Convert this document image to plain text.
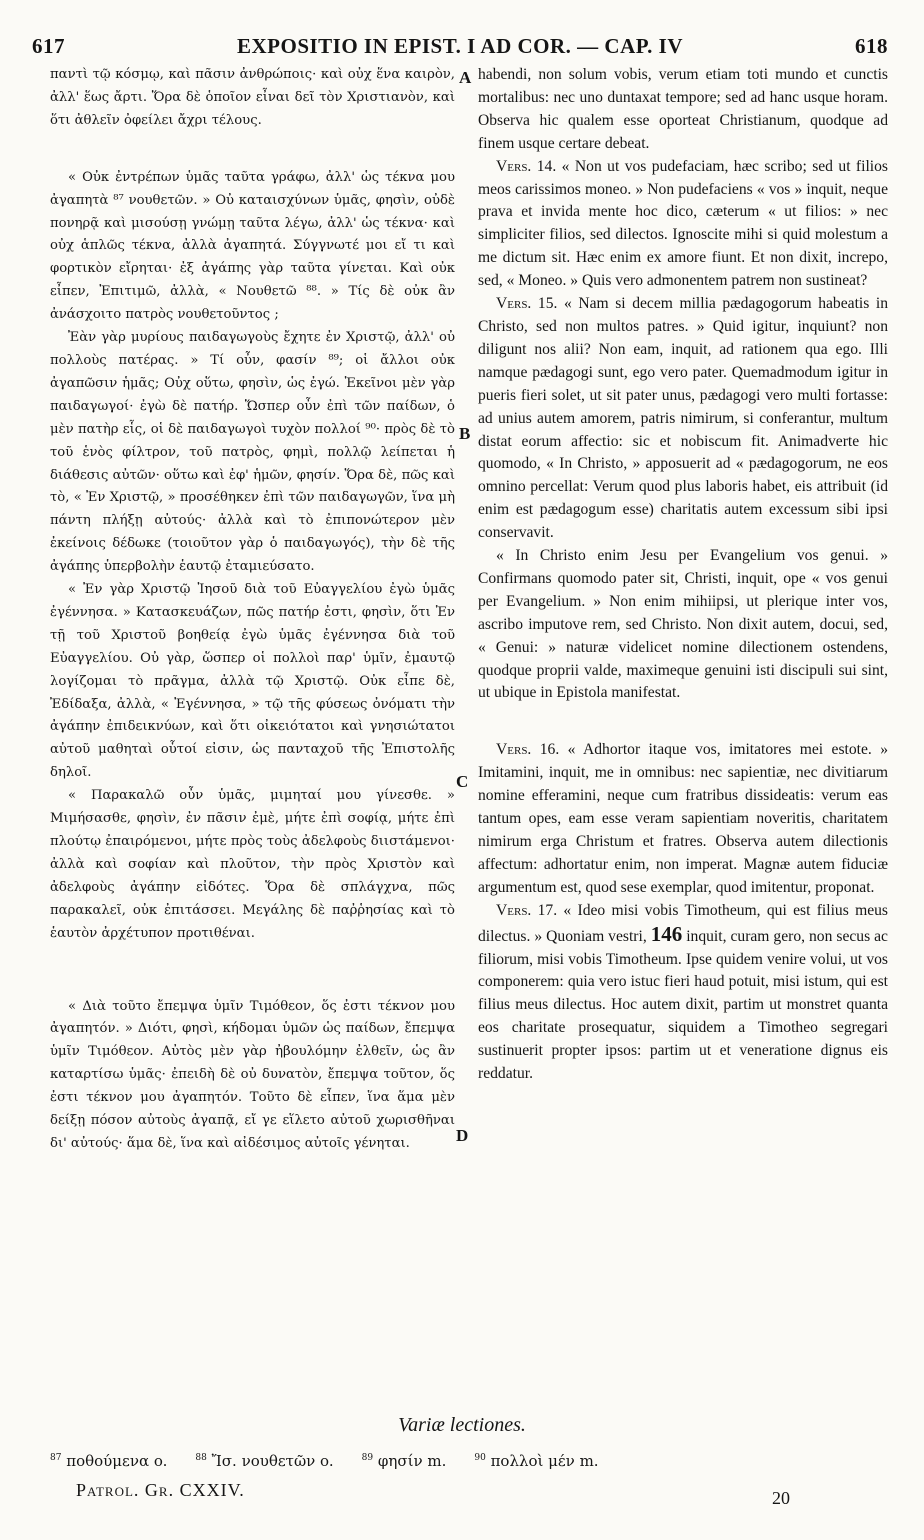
617	EXPOSITIO IN EPIST. I AD COR. — CAP. IV	618
A
B
C
D

παντὶ τῷ κόσμῳ, καὶ πᾶσιν ἀνθρώποις· καὶ οὐχ ἕνα καιρὸν, ἀλλ' ἕως ἄρτι. Ὅρα δὲ ὁποῖον εἶναι δεῖ τὸν Χριστιανὸν, καὶ ὅτι ἀθλεῖν ὀφείλει ἄχρι τέλους.

« Οὐκ ἐντρέπων ὑμᾶς ταῦτα γράφω, ἀλλ' ὡς τέκνα μου ἀγαπητὰ ⁸⁷ νουθετῶν. » Οὐ καταισχύνων ὑμᾶς, φησὶν, οὐδὲ πονηρᾷ καὶ μισούσῃ γνώμῃ ταῦτα λέγω, ἀλλ' ὡς τέκνα· καὶ οὐχ ἁπλῶς τέκνα, ἀλλὰ ἀγαπητά. Σύγγνωτέ μοι εἴ τι καὶ φορτικὸν εἴρηται· ἐξ ἀγάπης γὰρ ταῦτα γίνεται. Καὶ οὐκ εἶπεν, Ἐπιτιμῶ, ἀλλὰ, « Νουθετῶ ⁸⁸. » Τίς δὲ οὐκ ἂν ἀνάσχοιτο πατρὸς νουθετοῦντος ;

Ἐὰν γὰρ μυρίους παιδαγωγοὺς ἔχητε ἐν Χριστῷ, ἀλλ' οὐ πολλοὺς πατέρας. » Τί οὖν, φασίν ⁸⁹; οἱ ἄλλοι οὐκ ἀγαπῶσιν ἡμᾶς; Οὐχ οὕτω, φησὶν, ὡς ἐγώ. Ἐκεῖνοι μὲν γὰρ παιδαγωγοί· ἐγὼ δὲ πατήρ. Ὥσπερ οὖν ἐπὶ τῶν παίδων, ὁ μὲν πατὴρ εἷς, οἱ δὲ παιδαγωγοὶ τυχὸν πολλοί ⁹⁰· πρὸς δὲ τὸ τοῦ ἑνὸς φίλτρον, τοῦ πατρὸς, φημὶ, πολλῷ λείπεται ἡ διάθεσις αὐτῶν· οὕτω καὶ ἐφ' ἡμῶν, φησίν. Ὅρα δὲ, πῶς καὶ τὸ, « Ἐν Χριστῷ, » προσέθηκεν ἐπὶ τῶν παιδαγωγῶν, ἵνα μὴ πάντη πλήξῃ αὐτούς· ἀλλὰ καὶ τὸ ἐπιπονώτερον μὲν ἐκείνοις δέδωκε (τοιοῦτον γὰρ ὁ παιδαγωγός), τὴν δὲ τῆς ἀγάπης ὑπερβολὴν ἑαυτῷ ἐταμιεύσατο.

« Ἐν γὰρ Χριστῷ Ἰησοῦ διὰ τοῦ Εὐαγγελίου ἐγὼ ὑμᾶς ἐγέννησα. » Κατασκευάζων, πῶς πατήρ ἐστι, φησὶν, ὅτι Ἐν τῇ τοῦ Χριστοῦ βοηθείᾳ ἐγὼ ὑμᾶς ἐγέννησα διὰ τοῦ Εὐαγγελίου. Οὐ γὰρ, ὥσπερ οἱ πολλοὶ παρ' ὑμῖν, ἐμαυτῷ λογίζομαι τὸ πρᾶγμα, ἀλλὰ τῷ Χριστῷ. Οὐκ εἶπε δὲ, Ἐδίδαξα, ἀλλὰ, « Ἐγέννησα, » τῷ τῆς φύσεως ὀνόματι τὴν ἀγάπην ἐπιδεικνύων, καὶ ὅτι οἰκειότατοι καὶ γνησιώτατοι αὐτοῦ μαθηταὶ οὗτοί εἰσιν, ὡς πανταχοῦ τῆς Ἐπιστολῆς δηλοῖ.

« Παρακαλῶ οὖν ὑμᾶς, μιμηταί μου γίνεσθε. » Μιμήσασθε, φησὶν, ἐν πᾶσιν ἐμὲ, μήτε ἐπὶ σοφίᾳ, μήτε ἐπὶ πλούτῳ ἐπαιρόμενοι, μήτε πρὸς τοὺς ἀδελφοὺς διιστάμενοι· ἀλλὰ καὶ σοφίαν καὶ πλοῦτον, τὴν πρὸς Χριστὸν καὶ ἀδελφοὺς ἀγάπην εἰδότες. Ὅρα δὲ σπλάγχνα, πῶς παρακαλεῖ, οὐκ ἐπιτάσσει. Μεγάλης δὲ παῤῥησίας καὶ τὸ ἑαυτὸν ἀρχέτυπον προτιθέναι.

« Διὰ τοῦτο ἔπεμψα ὑμῖν Τιμόθεον, ὅς ἐστι τέκνον μου ἀγαπητόν. » Διότι, φησὶ, κήδομαι ὑμῶν ὡς παίδων, ἔπεμψα ὑμῖν Τιμόθεον. Αὐτὸς μὲν γὰρ ἠβουλόμην ἐλθεῖν, ὡς ἂν καταρτίσω ὑμᾶς· ἐπειδὴ δὲ οὐ δυνατὸν, ἔπεμψα τοῦτον, ὅς ἐστι τέκνον μου ἀγαπητόν. Τοῦτο δὲ εἶπεν, ἵνα ἅμα μὲν δείξῃ πόσον αὐτοὺς ἀγαπᾷ, εἴ γε εἵλετο αὐτοῦ χωρισθῆναι δι' αὐτούς· ἅμα δὲ, ἵνα καὶ αἰδέσιμος αὐτοῖς γένηται.

habendi, non solum vobis, verum etiam toti mundo et cunctis mortalibus: nec uno duntaxat tempore; sed ad hanc usque horam. Observa hic qualem esse oporteat Christianum, quodque ad finem usque certare debeat.

Vers. 14. « Non ut vos pudefaciam, hæc scribo; sed ut filios meos carissimos moneo. » Non pudefaciens « vos » inquit, neque prava et invida mente hoc dico, cæterum « ut filios: » nec simpliciter filios, sed dilectos. Ignoscite mihi si quid molestum a me dictum sit. Hæc enim ex amore fiunt. Et non dixit, increpo, sed, « Moneo. » Quis vero admonentem patrem non sustineat?

Vers. 15. « Nam si decem millia pædagogorum habeatis in Christo, sed non multos patres. » Quid igitur, inquiunt? non diligunt nos alii? Non eam, inquit, ad rationem qua ego. Illi namque pædagogi sunt, ego vero pater. Quemadmodum igitur in pueris fieri solet, ut sit pater unus, pædagogi vero multi fortasse: ad unius autem amorem, patris nimirum, si conferantur, multum distat eorum affectio: sic et nobiscum fit. Animadverte hic quomodo, « In Christo, » apposuerit ad « pædagogorum, ne eos omnino percellat: Verum quod plus laboris habet, eis attribuit (id enim est pædagogum esse) charitatis autem excessum sibi ipsi conservavit.

« In Christo enim Jesu per Evangelium vos genui. » Confirmans quomodo pater sit, Christi, inquit, ope « vos genui per Evangelium. » Non enim mihiipsi, ut plerique inter vos, ascribo imputove rem, sed Christo. Non dixit autem, docui, sed, « Genui: » naturæ videlicet nomine dilectionem ostendens, quodque proprii valde, maximeque genuini isti discipuli sui sint, ut ubique in Epistola manifestat.

Vers. 16. « Adhortor itaque vos, imitatores mei estote. » Imitamini, inquit, me in omnibus: nec sapientiæ, nec divitiarum nomine efferamini, neque cum fratribus dissideatis: verum eas tantum opes, eam esse veram sapientiam noveritis, charitatem nimirum erga Christum et fratres. Observa autem dilectionis affectum: adhortatur enim, non imperat. Magnæ autem fiduciæ argumentum est, quod sese exemplar, quod imitentur, proponat.

Vers. 17. « Ideo misi vobis Timotheum, qui est filius meus dilectus. » Quoniam vestri, 146 inquit, curam gero, non secus ac filiorum, misi vobis Timotheum. Ipse quidem venire volui, ut vos componerem: quia vero istuc fieri haud potuit, misi istum, qui est filius meus dilectus. Hoc autem dixit, partim ut monstret quanta eos charitate prosequatur, siquidem a Timotheo segregari sustinuerit propter ipsos: partim ut et veneratione dignus eis reddatur.

Variæ lectiones.
$^{87}$ ποθούμενα o.	$^{88}$ Ἴσ. νουθετῶν o.	$^{89}$ φησίν m.	$^{90}$ πολλοὶ μέν m.
Patrol. Gr. CXXIV.	20
